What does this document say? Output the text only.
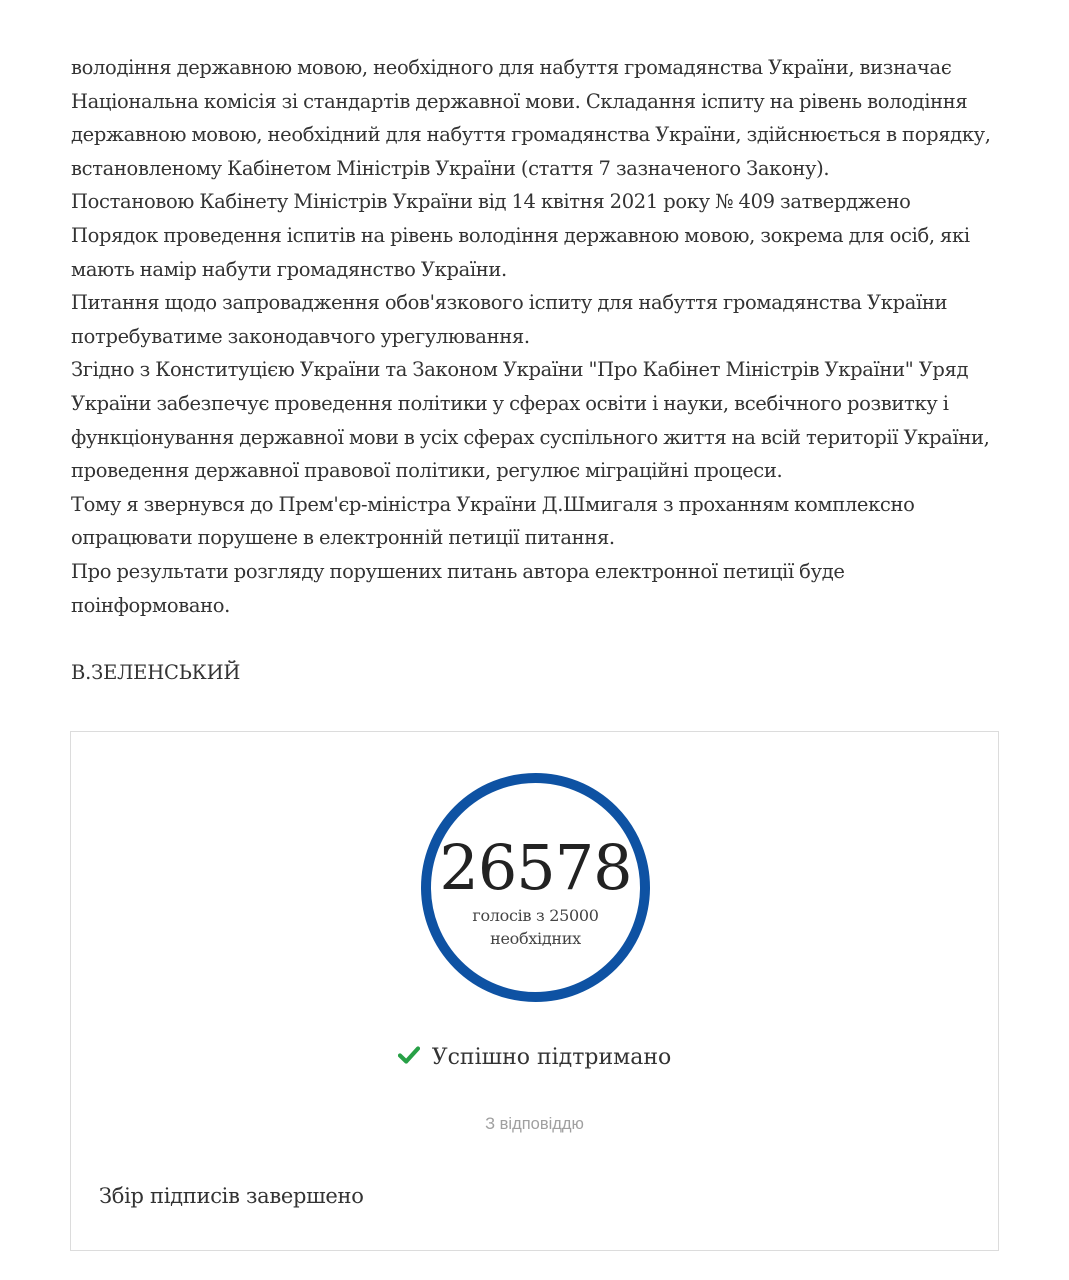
володіння державною мовою, необхідного для набуття громадянства України, визначає

Національна комісія зі стандартів державної мови. Складання іспиту на рівень володіння

державною мовою, необхідний для набуття громадянства України, здійснюється в порядку,

встановленому Кабінетом Міністрів України (стаття 7 зазначеного Закону).

Постановою Кабінету Міністрів України від 14 квітня 2021 року № 409 затверджено

Порядок проведення іспитів на рівень володіння державною мовою, зокрема для осіб, які

мають намір набути громадянство України.

Питання щодо запровадження обов'язкового іспиту для набуття громадянства України

потребуватиме законодавчого урегулювання.

Згідно з Конституцією України та Законом України "Про Кабінет Міністрів України" Уряд

України забезпечує проведення політики у сферах освіти і науки, всебічного розвитку і

функціонування державної мови в усіх сферах суспільного життя на всій території України,

проведення державної правової політики, регулює міграційні процеси.

Тому я звернувся до Прем'єр-міністра України Д.Шмигаля з проханням комплексно

опрацювати порушене в електронній петиції питання.

Про результати розгляду порушених питань автора електронної петиції буде

поінформовано.

В.ЗЕЛЕНСЬКИЙ

26578
голосів з 25000 необхідних
Успішно підтримано
З відповіддю
Збір підписів завершено
